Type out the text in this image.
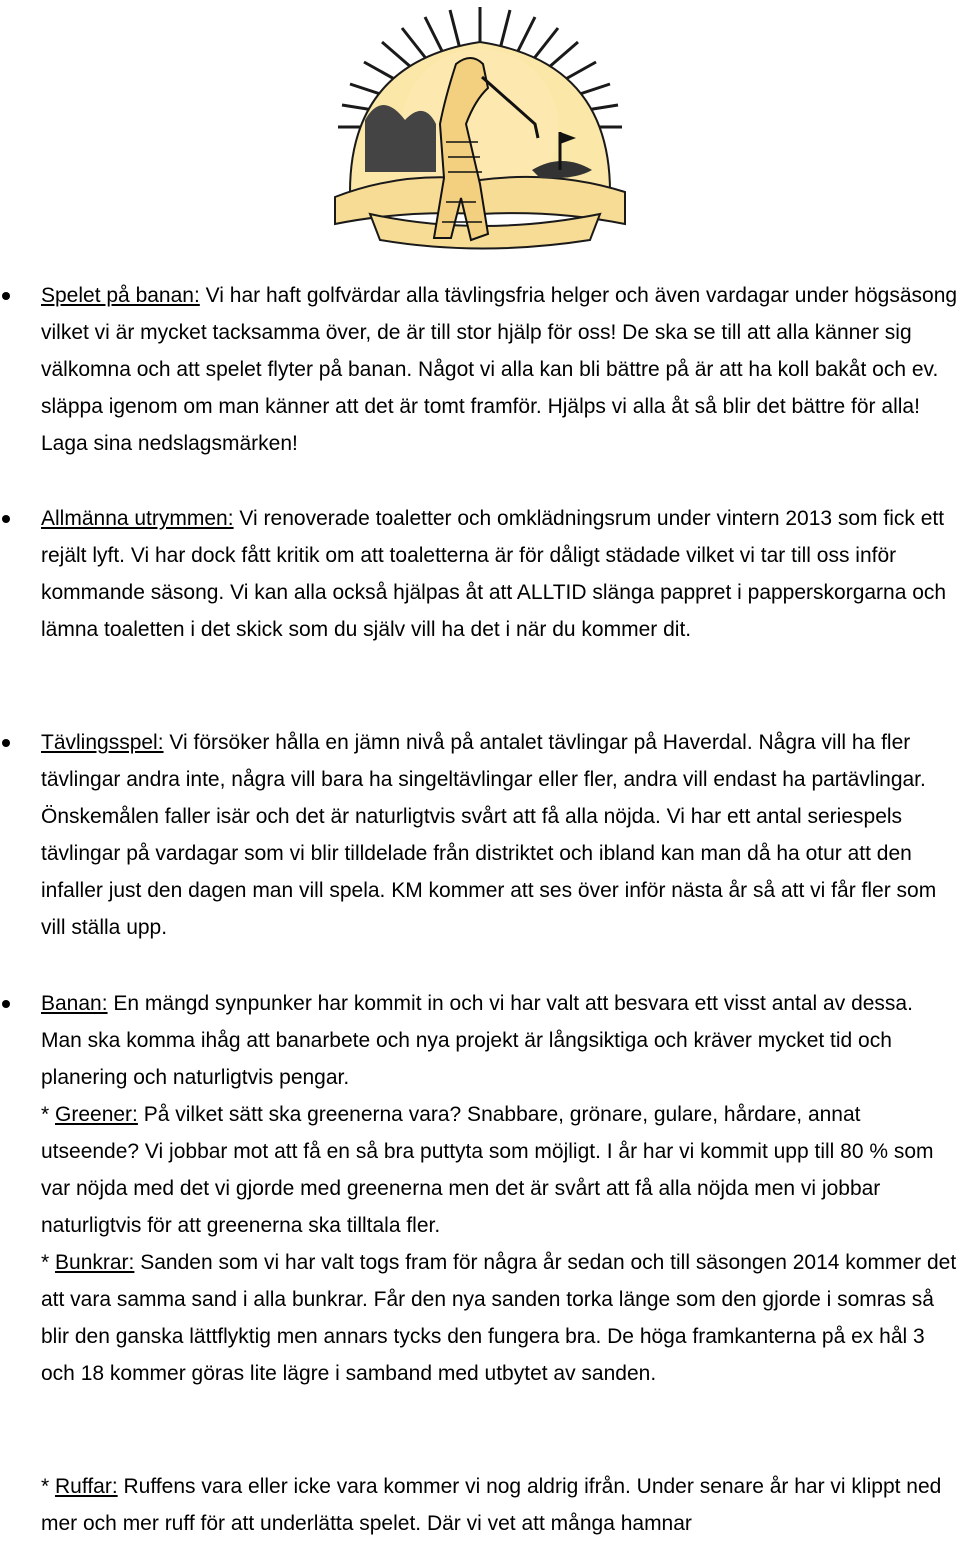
Spelet på banan: Vi har haft golfvärdar alla tävlingsfria helger och även vardagar under högsäsong vilket vi är mycket tacksamma över, de är till stor hjälp för oss! De ska se till att alla känner sig välkomna och att spelet flyter på banan. Något vi alla kan bli bättre på är att ha koll bakåt och ev. släppa igenom om man känner att det är tomt framför. Hjälps vi alla åt så blir det bättre för alla! Laga sina nedslagsmärken!
Allmänna utrymmen: Vi renoverade toaletter och omklädningsrum under vintern 2013 som fick ett rejält lyft. Vi har dock fått kritik om att toaletterna är för dåligt städade vilket vi tar till oss inför kommande säsong. Vi kan alla också hjälpas åt att ALLTID slänga pappret i papperskorgarna och lämna toaletten i det skick som du själv vill ha det i när du kommer dit.
Tävlingsspel: Vi försöker hålla en jämn nivå på antalet tävlingar på Haverdal. Några vill ha fler tävlingar andra inte, några vill bara ha singeltävlingar eller fler, andra vill endast ha partävlingar. Önskemålen faller isär och det är naturligtvis svårt att få alla nöjda. Vi har ett antal seriespels tävlingar på vardagar som vi blir tilldelade från distriktet och ibland kan man då ha otur att den infaller just den dagen man vill spela. KM kommer att ses över inför nästa år så att vi får fler som vill ställa upp.
Banan: En mängd synpunker har kommit in och vi har valt att besvara ett visst antal av dessa. Man ska komma ihåg att banarbete och nya projekt är långsiktiga och kräver mycket tid och planering och naturligtvis pengar.
* Greener: På vilket sätt ska greenerna vara? Snabbare, grönare, gulare, hårdare, annat utseende? Vi jobbar mot att få en så bra puttyta som möjligt. I år har vi kommit upp till 80 % som var nöjda med det vi gjorde med greenerna men det är svårt att få alla nöjda men vi jobbar naturligtvis för att greenerna ska tilltala fler.
* Bunkrar: Sanden som vi har valt togs fram för några år sedan och till säsongen 2014 kommer det att vara samma sand i alla bunkrar. Får den nya sanden torka länge som den gjorde i somras så blir den ganska lättflyktig men annars tycks den fungera bra. De höga framkanterna på ex hål 3 och 18 kommer göras lite lägre i samband med utbytet av sanden.
* Ruffar: Ruffens vara eller icke vara kommer vi nog aldrig ifrån. Under senare år har vi klippt ned mer och mer ruff för att underlätta spelet. Där vi vet att många hamnar
